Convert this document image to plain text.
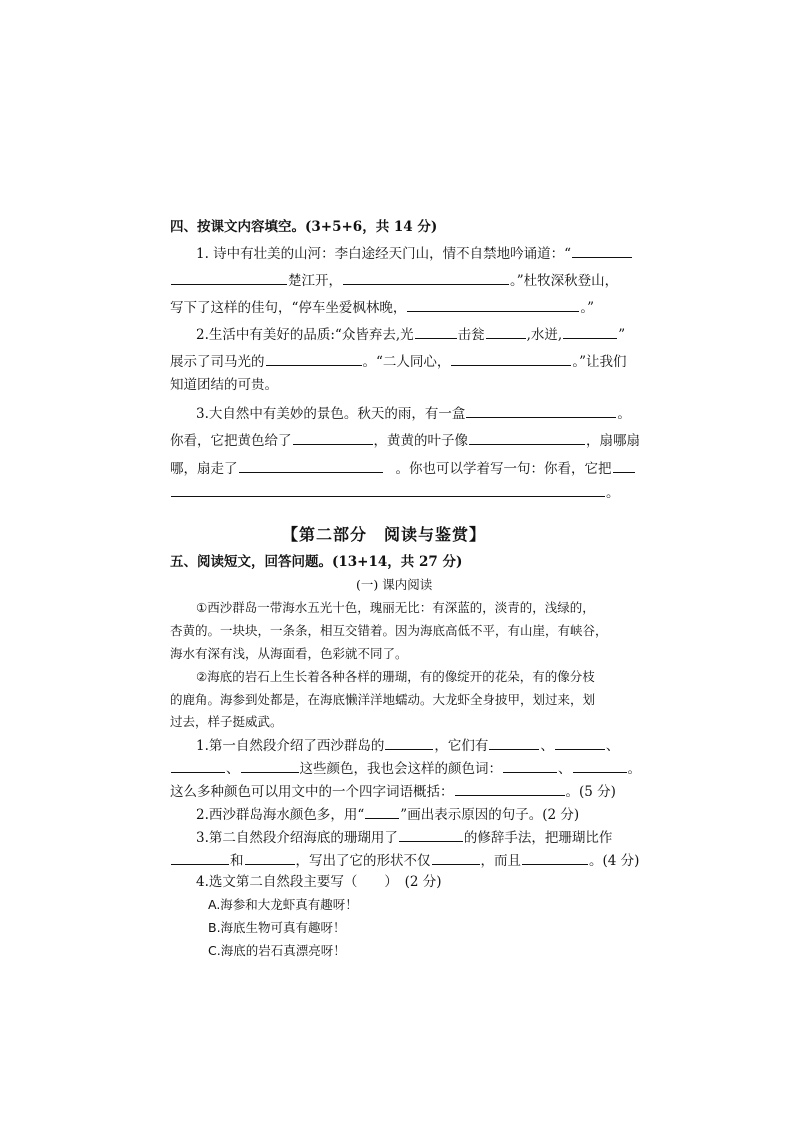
四、按课文内容填空。(3+5+6，共 14 分)
1. 诗中有壮美的山河：李白途经天门山，情不自禁地吟诵道：“
楚江开，	。”杜牧深秋登山，
写下了这样的佳句，“停车坐爱枫林晚，	。”
2.生活中有美好的品质:“众皆弃去,光	击瓮	,水迸,	”
展示了司马光的	。“二人同心，	。”让我们
知道团结的可贵。
3.大自然中有美妙的景色。秋天的雨，有一盒	。
你看，它把黄色给了	，黄黄的叶子像	，扇哪扇
哪，扇走了	。你也可以学着写一句：你看，它把
。
【第二部分　阅读与鉴赏】
五、阅读短文，回答问题。(13+14，共 27 分)
(一) 课内阅读
①西沙群岛一带海水五光十色，瑰丽无比：有深蓝的，淡青的，浅绿的，
杏黄的。一块块，一条条，相互交错着。因为海底高低不平，有山崖，有峡谷，
海水有深有浅，从海面看，色彩就不同了。
②海底的岩石上生长着各种各样的珊瑚，有的像绽开的花朵，有的像分枝
的鹿角。海参到处都是，在海底懒洋洋地蠕动。大龙虾全身披甲，划过来，划
过去，样子挺威武。
1.第一自然段介绍了西沙群岛的	，它们有	、	、
、	这些颜色，我也会这样的颜色词：	、	。
这么多种颜色可以用文中的一个四字词语概括：	。(5 分)
2.西沙群岛海水颜色多，用“	”画出表示原因的句子。(2 分)
3.第二自然段介绍海底的珊瑚用了	的修辞手法，把珊瑚比作
和	，写出了它的形状不仅	，而且	。(4 分)
4.选文第二自然段主要写（　　）　(2 分)
A.海参和大龙虾真有趣呀！
B.海底生物可真有趣呀！
C.海底的岩石真漂亮呀！
